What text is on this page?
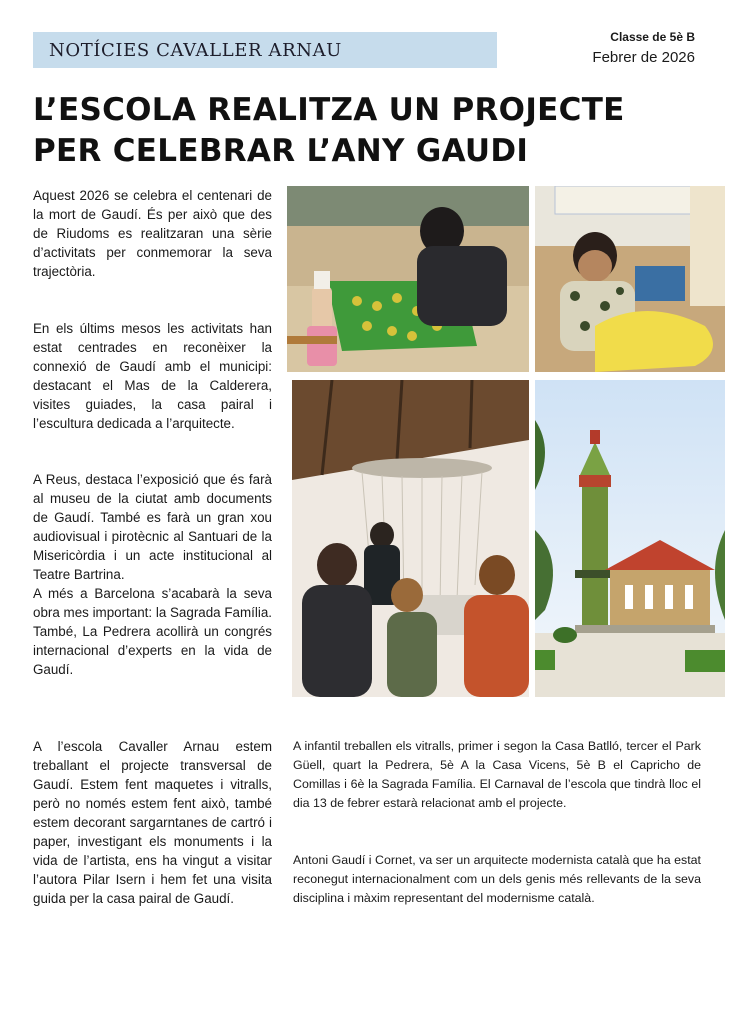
NOTÍCIES CAVALLER ARNAU
Classe de 5è B
Febrer de 2026
L’ESCOLA REALITZA UN PROJECTE
PER CELEBRAR L’ANY GAUDI

Aquest 2026 se celebra el centenari de la mort de Gaudí. És per això que des de Riudoms es realitzaran una sèrie d’activitats per conmemorar la seva trajectòria.

En els últims mesos les activitats han estat centrades en reconèixer la connexió de Gaudí amb el municipi: destacant el Mas de la Calderera, visites guiades, la casa pairal i l’escultura dedicada a l’arquitecte.

A Reus, destaca l’exposició que és farà al museu de la ciutat amb documents de Gaudí. També es farà un gran xou audiovisual i pirotècnic al Santuari de la Misericòrdia i un acte institucional al Teatre Bartrina.

A més a Barcelona s’acabarà la seva obra mes important: la Sagrada Família. També, La Pedrera acollirà un congrés internacional d’experts en la vida de Gaudí.

A l’escola Cavaller Arnau estem treballant el projecte transversal de Gaudí. Estem fent maquetes i vitralls, però no només estem fent això, també estem decorant sargarntanes de cartró i paper, investigant els monuments i la vida de l’artista, ens ha vingut a visitar l’autora Pilar Isern i hem fet una visita guida per la casa pairal de Gaudí.

A infantil treballen els vitralls, primer i segon la Casa Batlló, tercer el Park Güell, quart la Pedrera, 5è A la Casa Vicens, 5è B el Capricho de Comillas i 6è la Sagrada Família. El Carnaval de l’escola que tindrà lloc el dia 13 de febrer estarà relacionat amb el projecte.

Antoni Gaudí i Cornet, va ser un arquitecte modernista català que ha estat reconegut internacionalment com un dels genis més rellevants de la seva disciplina i màxim representant del modernisme català.
